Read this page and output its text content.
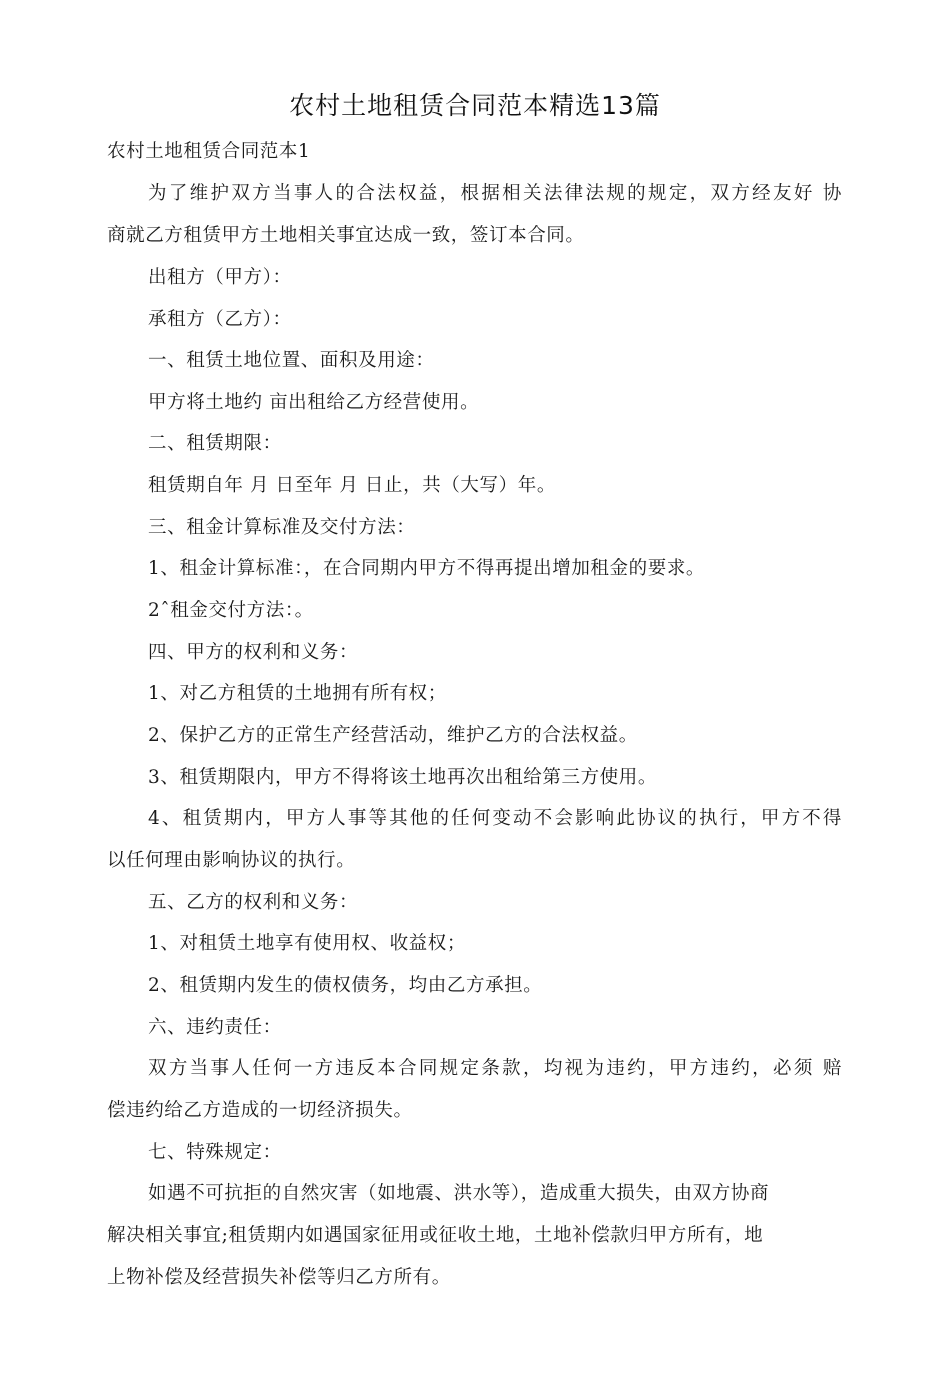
农村土地租赁合同范本精选13篇
农村土地租赁合同范本1
为了维护双方当事人的合法权益，根据相关法律法规的规定，双方经友好 协
商就乙方租赁甲方土地相关事宜达成一致，签订本合同。
出租方（甲方）：
承租方（乙方）：
一、租赁土地位置、面积及用途：
甲方将土地约 亩出租给乙方经营使用。
二、租赁期限：
租赁期自年 月 日至年 月 日止，共（大写）年。
三、租金计算标准及交付方法：
1、租金计算标准：，在合同期内甲方不得再提出增加租金的要求。
2ˆ租金交付方法：。
四、甲方的权利和义务：
1、对乙方租赁的土地拥有所有权；
2、保护乙方的正常生产经营活动，维护乙方的合法权益。
3、租赁期限内，甲方不得将该土地再次出租给第三方使用。
4、租赁期内，甲方人事等其他的任何变动不会影响此协议的执行，甲方不得
以任何理由影响协议的执行。
五、乙方的权利和义务：
1、对租赁土地享有使用权、收益权；
2、租赁期内发生的债权债务，均由乙方承担。
六、违约责任：
双方当事人任何一方违反本合同规定条款，均视为违约，甲方违约，必须 赔
偿违约给乙方造成的一切经济损失。
七、特殊规定：
如遇不可抗拒的自然灾害（如地震、洪水等），造成重大损失，由双方协商
解决相关事宜;租赁期内如遇国家征用或征收土地，土地补偿款归甲方所有，地
上物补偿及经营损失补偿等归乙方所有。
